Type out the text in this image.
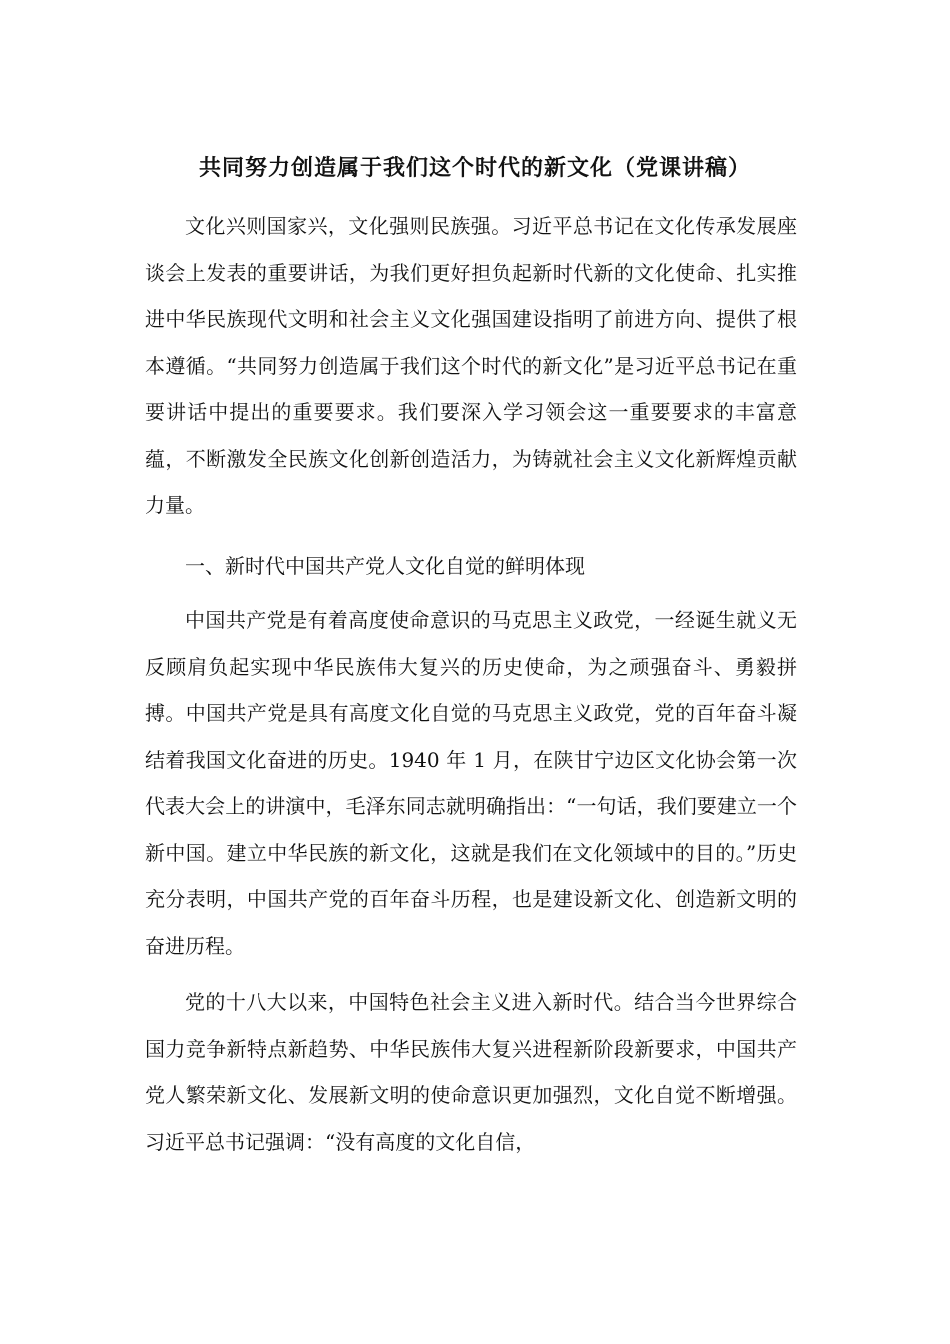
共同努力创造属于我们这个时代的新文化（党课讲稿）

文化兴则国家兴，文化强则民族强。习近平总书记在文化传承发展座谈会上发表的重要讲话，为我们更好担负起新时代新的文化使命、扎实推进中华民族现代文明和社会主义文化强国建设指明了前进方向、提供了根本遵循。“共同努力创造属于我们这个时代的新文化”是习近平总书记在重要讲话中提出的重要要求。我们要深入学习领会这一重要要求的丰富意蕴，不断激发全民族文化创新创造活力，为铸就社会主义文化新辉煌贡献力量。

一、新时代中国共产党人文化自觉的鲜明体现

中国共产党是有着高度使命意识的马克思主义政党，一经诞生就义无反顾肩负起实现中华民族伟大复兴的历史使命，为之顽强奋斗、勇毅拼搏。中国共产党是具有高度文化自觉的马克思主义政党，党的百年奋斗凝结着我国文化奋进的历史。1940 年 1 月，在陕甘宁边区文化协会第一次代表大会上的讲演中，毛泽东同志就明确指出：“一句话，我们要建立一个新中国。建立中华民族的新文化，这就是我们在文化领域中的目的。”历史充分表明，中国共产党的百年奋斗历程，也是建设新文化、创造新文明的奋进历程。

党的十八大以来，中国特色社会主义进入新时代。结合当今世界综合国力竞争新特点新趋势、中华民族伟大复兴进程新阶段新要求，中国共产党人繁荣新文化、发展新文明的使命意识更加强烈，文化自觉不断增强。习近平总书记强调：“没有高度的文化自信，
